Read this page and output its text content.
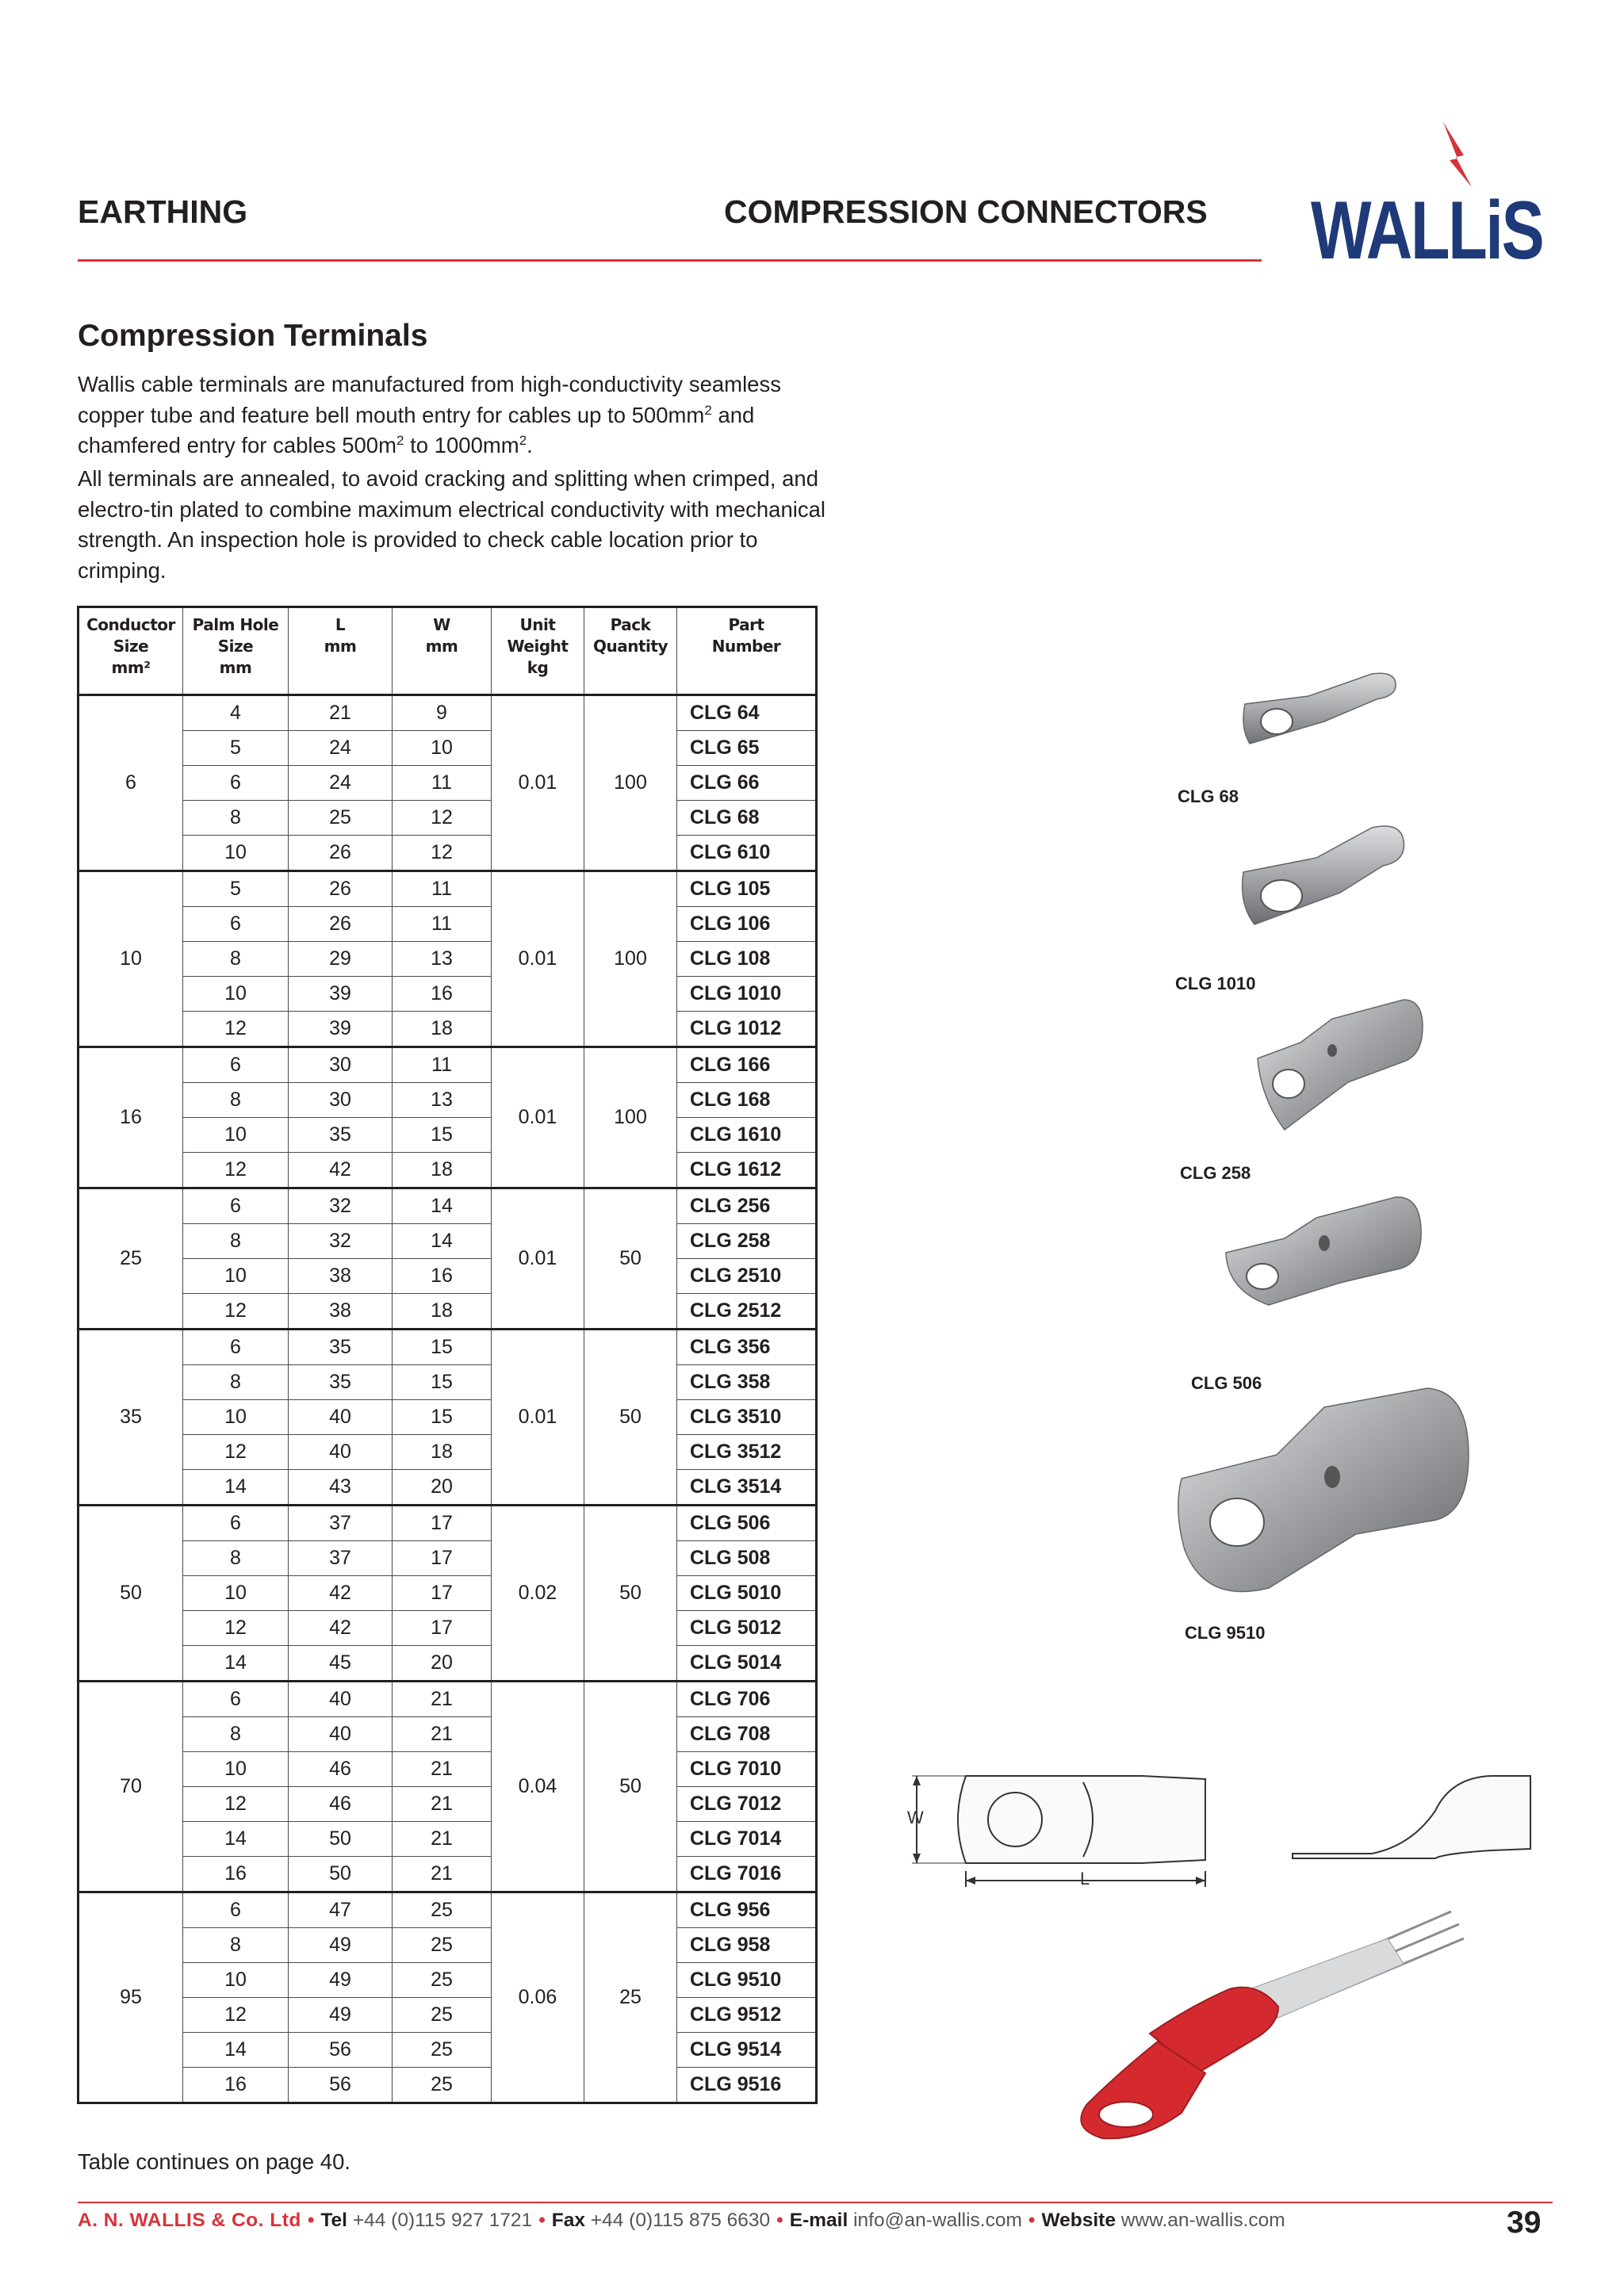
EARTHING	COMPRESSION CONNECTORS WALLiS
Compression Terminals
Wallis cable terminals are manufactured from high-conductivity seamless copper tube and feature bell mouth entry for cables up to $500mm^2$ and chamfered entry for cables $500m^2$ to $1000mm^2$.
All terminals are annealed, to avoid cracking and splitting when crimped, and electro-tin plated to combine maximum electrical conductivity with mechanical strength. An inspection hole is provided to check cable location prior to crimping.
Conductor
Size
mm²	Palm Hole
Size
mm	L
mm	W
mm	Unit
Weight
kg	Pack
Quantity	Part
Number
6	4	21	9	0.01	100	CLG 64
	5	24	10			CLG 65
	6	24	11			CLG 66
	8	25	12			CLG 68
	10	26	12			CLG 610
10	5	26	11	0.01	100	CLG 105
	6	26	11			CLG 106
	8	29	13			CLG 108
	10	39	16			CLG 1010
	12	39	18			CLG 1012
16	6	30	11	0.01	100	CLG 166
	8	30	13			CLG 168
	10	35	15			CLG 1610
	12	42	18			CLG 1612
25	6	32	14	0.01	50	CLG 256
	8	32	14			CLG 258
	10	38	16			CLG 2510
	12	38	18			CLG 2512
35	6	35	15	0.01	50	CLG 356
	8	35	15			CLG 358
	10	40	15			CLG 3510
	12	40	18			CLG 3512
	14	43	20			CLG 3514
50	6	37	17	0.02	50	CLG 506
	8	37	17			CLG 508
	10	42	17			CLG 5010
	12	42	17			CLG 5012
	14	45	20			CLG 5014
70	6	40	21	0.04	50	CLG 706
	8	40	21			CLG 708
	10	46	21			CLG 7010
	12	46	21			CLG 7012
	14	50	21			CLG 7014
	16	50	21			CLG 7016
95	6	47	25	0.06	25	CLG 956
	8	49	25			CLG 958
	10	49	25			CLG 9510
	12	49	25			CLG 9512
	14	56	25			CLG 9514
	16	56	25			CLG 9516
Table continues on page 40.
CLG 68
CLG 1010
CLG 258
CLG 506
CLG 9510
W
L
A. N. WALLIS & Co. Ltd • Tel +44 (0)115 927 1721 • Fax +44 (0)115 875 6630 • E-mail info@an-wallis.com • Website www.an-wallis.com	39
